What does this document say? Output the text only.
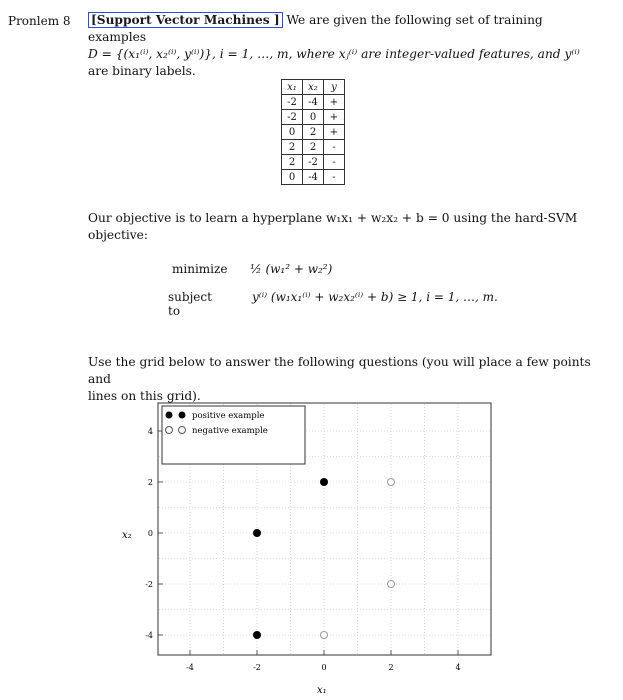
Pronlem 8 [Support Vector Machines ] We are given the following set of training examples
D = {(x₁⁽ⁱ⁾, x₂⁽ⁱ⁾, y⁽ⁱ⁾)}, i = 1, …, m, where xⱼ⁽ⁱ⁾ are integer-valued features, and y⁽ⁱ⁾
are binary labels.
x₁	x₂	y
-2	-4	+
-2	0	+
0	2	+
2	2	-
2	-2	-
0	-4	-
Our objective is to learn a hyperplane w₁x₁ + w₂x₂ + b = 0 using the hard-SVM
objective:
minimize ½ (w₁² + w₂²)
subject to
y⁽ⁱ⁾ (w₁x₁⁽ⁱ⁾ + w₂x₂⁽ⁱ⁾ + b) ≥ 1, i = 1, …, m.
Use the grid below to answer the following questions (you will place a few points and
lines on this grid).
-4	-2	0	2	4
4
2
0
-2
-4
positive example
negative example
x₂
x₁
